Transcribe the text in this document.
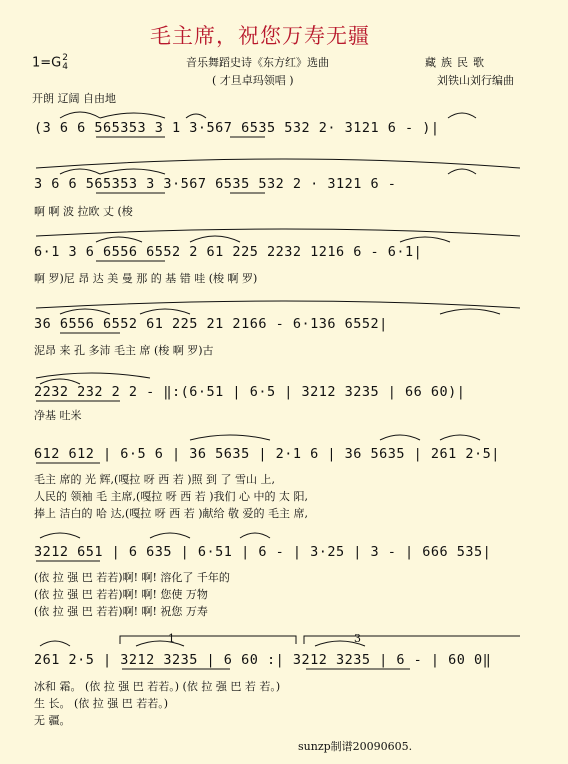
毛主席，祝您万寿无疆
1=G2
4	音乐舞蹈史诗《东方红》选曲
( 才旦卓玛领唱 )
藏族民歌
刘铁山刘行编曲
开朗 辽阔 自由地
(3 6 6 565353 3 1 3·567 6535 532 2· 3121 6 - )|
3 6 6 565353 3 3·567 6535 532 2 · 3121 6 -
啊 啊 波 拉欧 丈 (梭
6·1 3 6 6556 6552 2 61 225 2232 1216 6 - 6·1|
啊 罗)尼 昂 达 美 曼 那 的 基 错 哇 (梭 啊 罗)
36 6556 6552 61 225 21 2166 - 6·136 6552|
泥昂 来 孔 多沛 毛主 席 (梭 啊 罗)古
2232 232 2 2 - ‖:(6·51 | 6·5 | 3212 3235 | 66 60)|
净基 吐米
612 612 | 6·5 6 | 36 5635 | 2·1 6 | 36 5635 | 261 2·5|
毛主 席的 光 辉,(嘎拉 呀 西 若 )照 到 了 雪山 上,
人民的 领袖 毛 主席,(嘎拉 呀 西 若 )我们 心 中的 太 阳,
捧上 洁白的 哈 达,(嘎拉 呀 西 若 )献给 敬 爱的 毛主 席,
3212 651 | 6 635 | 6·51 | 6 - | 3·25 | 3 - | 666 535|
(依 拉 强 巴 若若)啊! 啊! 溶化了 千年的
(依 拉 强 巴 若若)啊! 啊! 您使 万物
(依 拉 强 巴 若若)啊! 啊! 祝您 万寿
1	3
261 2·5 | 3212 3235 | 6 60 :| 3212 3235 | 6 - | 60 0‖
冰和 霜。 (依 拉 强 巴 若若。) (依 拉 强 巴 若 若。)
生 长。 (依 拉 强 巴 若若。)
无 疆。
sunzp制谱20090605.
